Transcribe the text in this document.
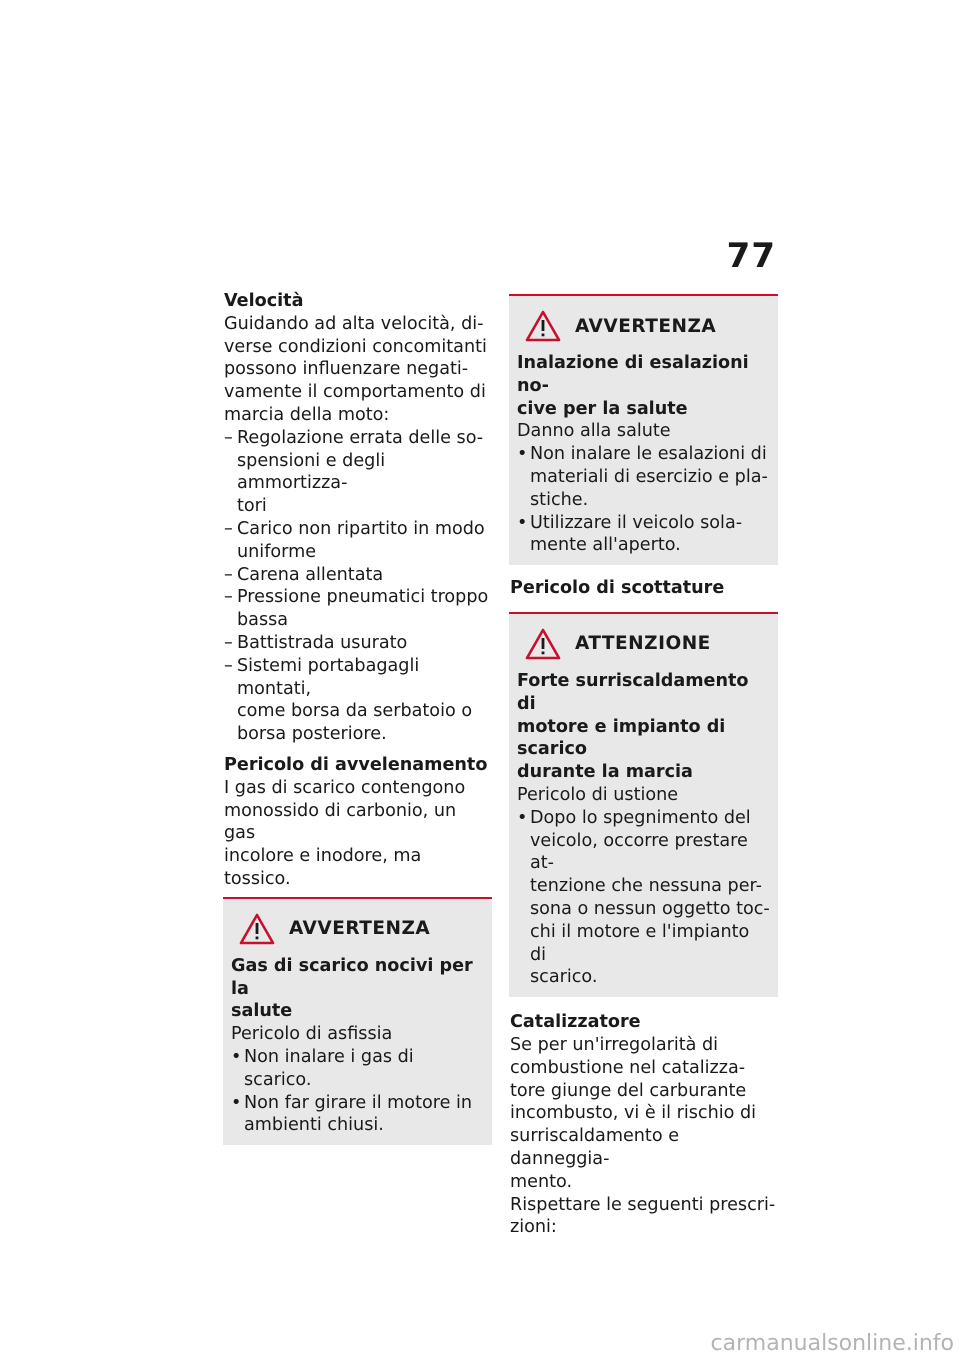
77

Velocità

Guidando ad alta velocità, di-

verse condizioni concomitanti

possono influenzare negati-

vamente il comportamento di

marcia della moto:

– Regolazione errata delle so-

spensioni e degli ammortizza-

tori

– Carico non ripartito in modo

uniforme

– Carena allentata

– Pressione pneumatici troppo

bassa

– Battistrada usurato

– Sistemi portabagagli montati,

come borsa da serbatoio o

borsa posteriore.

Pericolo di avvelenamento

I gas di scarico contengono

monossido di carbonio, un gas

incolore e inodore, ma tossico.

AVVERTENZA

Gas di scarico nocivi per la

salute

Pericolo di asfissia

• Non inalare i gas di scarico.

• Non far girare il motore in

ambienti chiusi.

AVVERTENZA

Inalazione di esalazioni no-

cive per la salute

Danno alla salute

• Non inalare le esalazioni di

materiali di esercizio e pla-

stiche.

• Utilizzare il veicolo sola-

mente all'aperto.

Pericolo di scottature

ATTENZIONE

Forte surriscaldamento di

motore e impianto di scarico

durante la marcia

Pericolo di ustione

• Dopo lo spegnimento del

veicolo, occorre prestare at-

tenzione che nessuna per-

sona o nessun oggetto toc-

chi il motore e l'impianto di

scarico.

Catalizzatore

Se per un'irregolarità di

combustione nel catalizza-

tore giunge del carburante

incombusto, vi è il rischio di

surriscaldamento e danneggia-

mento.

Rispettare le seguenti prescri-

zioni:

carmanualsonline.info
